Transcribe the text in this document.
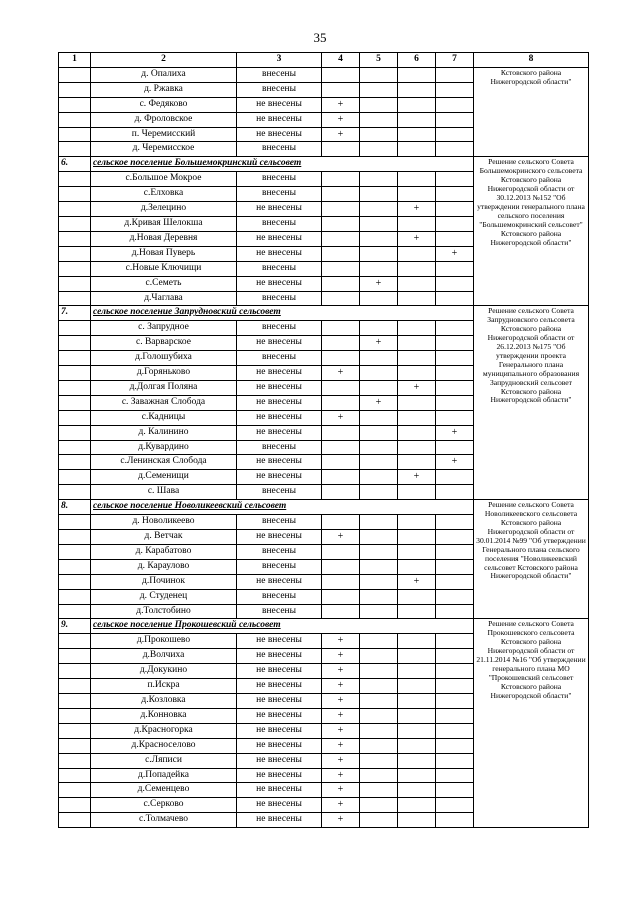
35
1	2	3	4	5	6	7	8
	д. Опалиха	внесены					Кстовского района Нижегородской области"
	д. Ржавка	внесены					
	с. Федяково	не внесены	+				
	д. Фроловское	не внесены	+				
	п. Черемисский	не внесены	+				
	д. Черемисское	внесены					
6.	сельское поселение Большемокринский сельсовет						Решение сельского Совета Большемокринского сельсовета Кстовского района Нижегородской области от 30.12.2013 №152 "Об утверждении генерального плана сельского поселения "Большемокринский сельсовет" Кстовского района Нижегородской области"
	с.Большое Мокрое	внесены					
	с.Елховка	внесены					
	д.Зелецино	не внесены			+		
	д.Кривая Шелокша	внесены					
	д.Новая Деревня	не внесены			+		
	д.Новая Пуверь	не внесены				+	
	с.Новые Ключищи	внесены					
	с.Семеть	не внесены		+			
	д.Чаглава	внесены					
7.	сельское поселение Запрудновский сельсовет						Решение сельского Совета Запрудновского сельсовета Кстовского района Нижегородской области от 26.12.2013 №175 "Об утверждении проекта Генерального плана муниципального образования Запрудновский сельсовет Кстовского района Нижегородской области"
	с. Запрудное	внесены					
	с. Варварское	не внесены		+			
	д.Голошубиха	внесены					
	д.Горяньково	не внесены	+				
	д.Долгая Поляна	не внесены			+		
	с. Заважная Слобода	не внесены		+			
	с.Кадницы	не внесены	+				
	д. Калинино	не внесены				+	
	д.Кувардино	внесены					
	с.Ленинская Слобода	не внесены				+	
	д.Семенищи	не внесены			+		
	с. Шава	внесены					
8.	сельское поселение Новоликеевский сельсовет						Решение сельского Совета Новоликеевского сельсовета Кстовского района Нижегородской области от 30.01.2014 №99 "Об утверждении Генерального плана сельского поселения "Новоликеевский сельсовет Кстовского района Нижегородской области"
	д. Новоликеево	внесены					
	д. Ветчак	не внесены	+				
	д. Карабатово	внесены					
	д. Караулово	внесены					
	д.Починок	не внесены			+		
	д. Студенец	внесены					
	д.Толстобино	внесены					
9.	сельское поселение Прокошевский сельсовет						Решение сельского Совета Прокошевского сельсовета Кстовского района Нижегородской области от 21.11.2014 №16 "Об утверждении генерального плана МО "Прокошевский сельсовет Кстовского района Нижегородской области"
	д.Прокошево	не внесены	+				
	д.Волчиха	не внесены	+				
	д.Докукино	не внесены	+				
	п.Искра	не внесены	+				
	д.Козловка	не внесены	+				
	д.Конновка	не внесены	+				
	д.Красногорка	не внесены	+				
	д.Красноселово	не внесены	+				
	с.Ляписи	не внесены	+				
	д.Попадейка	не внесены	+				
	д.Семенцево	не внесены	+				
	с.Серково	не внесены	+				
	с.Толмачево	не внесены	+				
